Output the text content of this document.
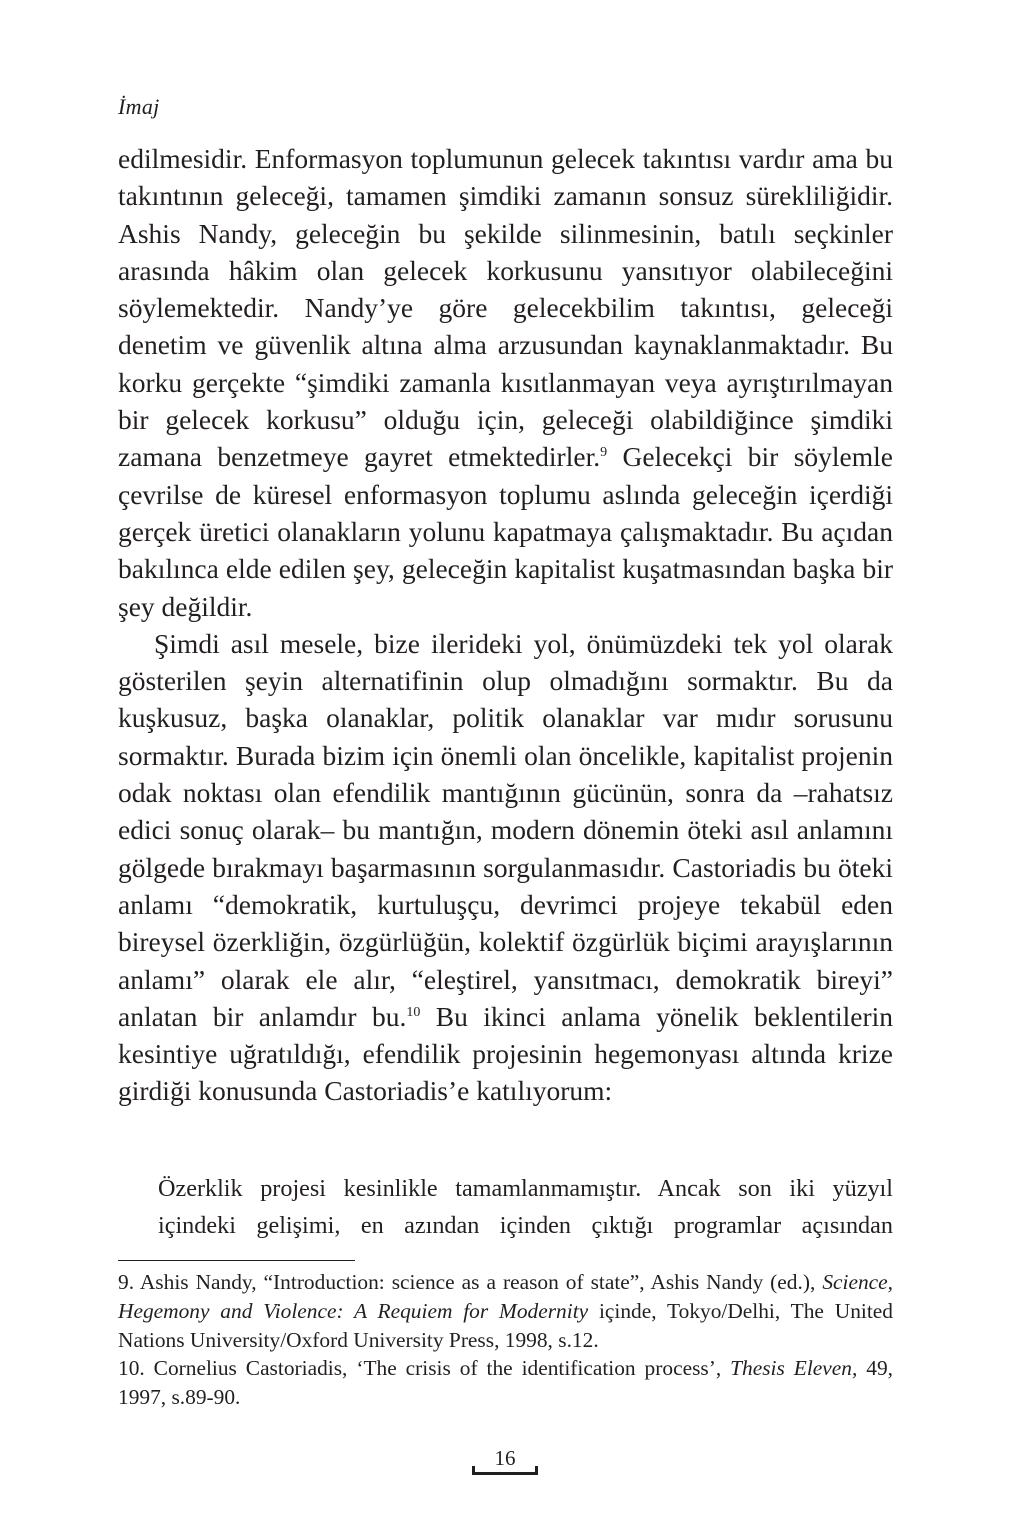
İmaj

edilmesidir. Enformasyon toplumunun gelecek takıntısı vardır ama bu takıntının geleceği, tamamen şimdiki zamanın sonsuz sürekliliğidir. Ashis Nandy, geleceğin bu şekilde silinmesinin, batılı seçkinler arasında hâkim olan gelecek korkusunu yansıtıyor olabileceğini söylemektedir. Nandy’ye göre gelecekbilim takıntısı, geleceği denetim ve güvenlik altına alma arzusundan kaynaklanmaktadır. Bu korku gerçekte “şimdiki zamanla kısıtlanmayan veya ayrıştırılmayan bir gelecek korkusu” olduğu için, geleceği olabildiğince şimdiki zamana benzetmeye gayret etmektedirler.$^9$ Gelecekçi bir söylemle çevrilse de küresel enformasyon toplumu aslında geleceğin içerdiği gerçek üretici olanakların yolunu kapatmaya çalışmaktadır. Bu açıdan bakılınca elde edilen şey, geleceğin kapitalist kuşatmasından başka bir şey değildir.

Şimdi asıl mesele, bize ilerideki yol, önümüzdeki tek yol olarak gösterilen şeyin alternatifinin olup olmadığını sormaktır. Bu da kuşkusuz, başka olanaklar, politik olanaklar var mıdır sorusunu sormaktır. Burada bizim için önemli olan öncelikle, kapitalist projenin odak noktası olan efendilik mantığının gücünün, sonra da –rahatsız edici sonuç olarak– bu mantığın, modern dönemin öteki asıl anlamını gölgede bırakmayı başarmasının sorgulanmasıdır. Castoriadis bu öteki anlamı “demokratik, kurtuluşçu, devrimci projeye tekabül eden bireysel özerkliğin, özgürlüğün, kolektif özgürlük biçimi arayışlarının anlamı” olarak ele alır, “eleştirel, yansıtmacı, demokratik bireyi” anlatan bir anlamdır bu.$^{10}$ Bu ikinci anlama yönelik beklentilerin kesintiye uğratıldığı, efendilik projesinin hegemonyası altında krize girdiği konusunda Castoriadis’e katılıyorum:

Özerklik projesi kesinlikle tamamlanmamıştır. Ancak son iki yüzyıl içindeki gelişimi, en azından içinden çıktığı programlar açısından

9. Ashis Nandy, “Introduction: science as a reason of state”, Ashis Nandy (ed.), Science, Hegemony and Violence: A Requiem for Modernity içinde, Tokyo/Delhi, The United Nations University/Oxford University Press, 1998, s.12.

10. Cornelius Castoriadis, ‘The crisis of the identification process’, Thesis Eleven, 49, 1997, s.89-90.

16
